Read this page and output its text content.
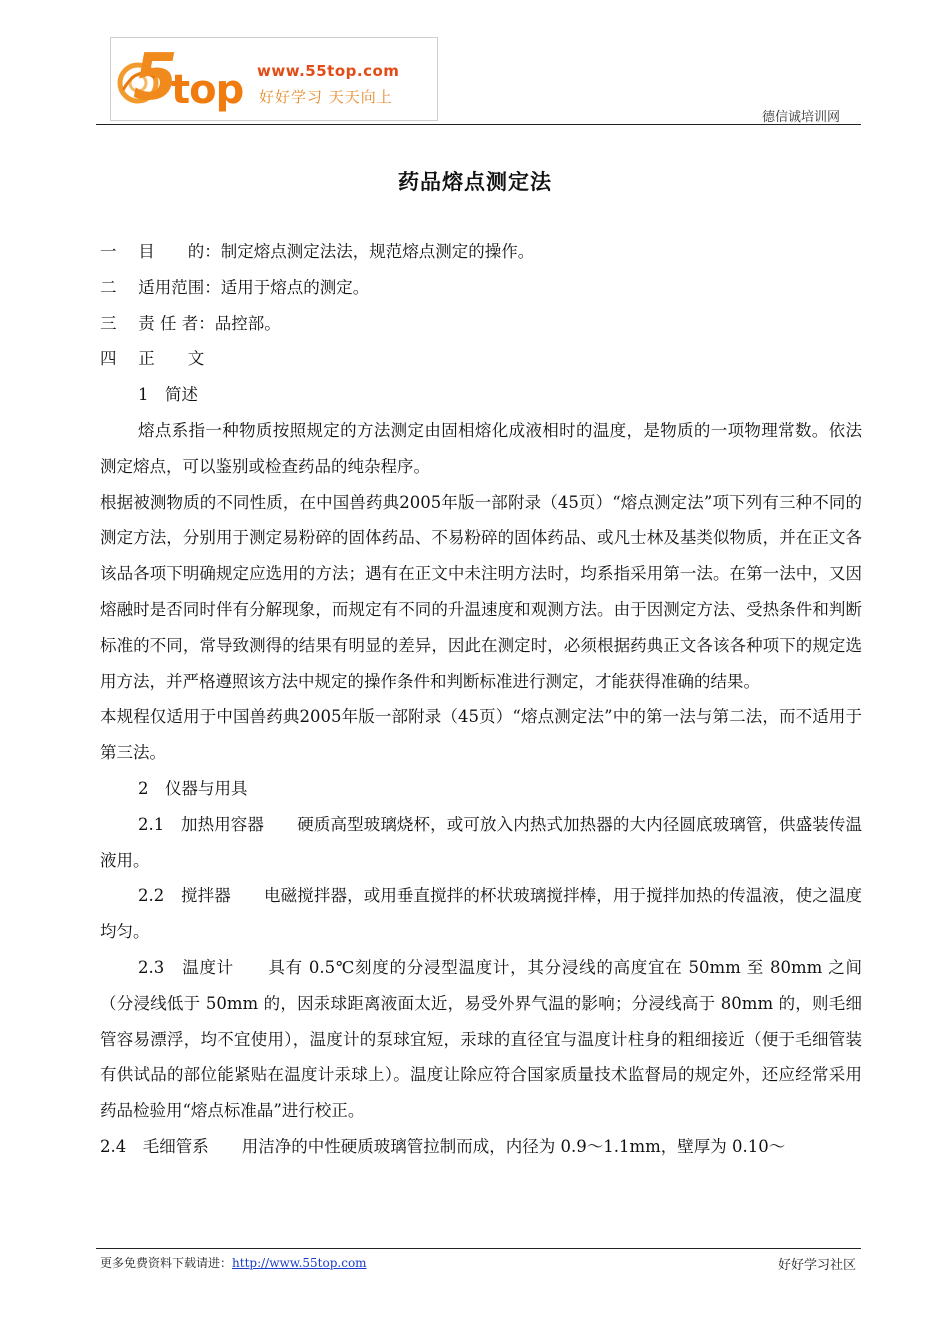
5
top www.55top.com
好好学习 天天向上
德信诚培训网
药品熔点测定法

一　 目　　的：制定熔点测定法法，规范熔点测定的操作。

二　 适用范围：适用于熔点的测定。

三　 责 任 者：品控部。

四　 正　　文

1　简述

熔点系指一种物质按照规定的方法测定由固相熔化成液相时的温度，是物质的一项物理常数。依法测定熔点，可以鉴别或检查药品的纯杂程序。

根据被测物质的不同性质，在中国兽药典2005年版一部附录（45页）“熔点测定法”项下列有三种不同的测定方法，分别用于测定易粉碎的固体药品、不易粉碎的固体药品、或凡士林及基类似物质，并在正文各该品各项下明确规定应选用的方法；遇有在正文中未注明方法时，均系指采用第一法。在第一法中，又因熔融时是否同时伴有分解现象，而规定有不同的升温速度和观测方法。由于因测定方法、受热条件和判断标准的不同，常导致测得的结果有明显的差异，因此在测定时，必须根据药典正文各该各种项下的规定选用方法，并严格遵照该方法中规定的操作条件和判断标准进行测定，才能获得准确的结果。

本规程仅适用于中国兽药典2005年版一部附录（45页）“熔点测定法”中的第一法与第二法，而不适用于第三法。

2　仪器与用具

2.1　加热用容器　　硬质高型玻璃烧杯，或可放入内热式加热器的大内径圆底玻璃管，供盛装传温液用。

2.2　搅拌器　　电磁搅拌器，或用垂直搅拌的杯状玻璃搅拌棒，用于搅拌加热的传温液，使之温度均匀。

2.3　温度计　　具有 0.5℃刻度的分浸型温度计，其分浸线的高度宜在 50mm 至 80mm 之间（分浸线低于 50mm 的，因汞球距离液面太近，易受外界气温的影响；分浸线高于 80mm 的，则毛细管容易漂浮，均不宜使用），温度计的泵球宜短，汞球的直径宜与温度计柱身的粗细接近（便于毛细管装有供试品的部位能紧贴在温度计汞球上）。温度让除应符合国家质量技术监督局的规定外，还应经常采用药品检验用“熔点标准晶”进行校正。

2.4　毛细管系　　用洁净的中性硬质玻璃管拉制而成，内径为 0.9～1.1mm，壁厚为 0.10～

更多免费资料下载请进：http://www.55top.com	好好学习社区
